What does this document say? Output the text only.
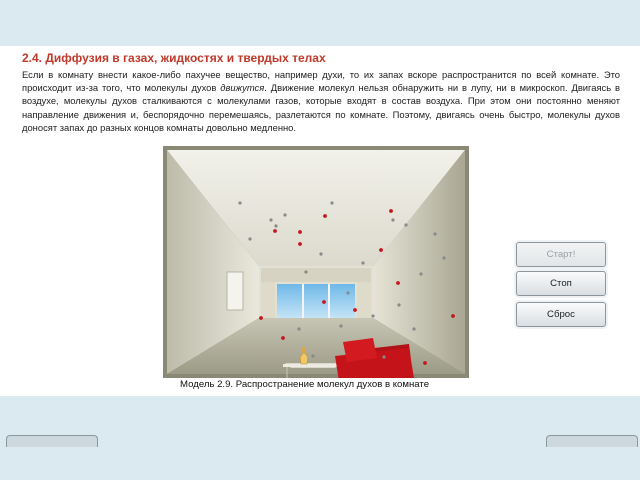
2.4. Диффузия в газах, жидкостях и твердых телах

Если в комнату внести какое-либо пахучее вещество, например духи, то их запах вскоре распространится по всей комнате. Это происходит из-за того, что молекулы духов движутся. Движение молекул нельзя обнаружить ни в лупу, ни в микроскоп. Двигаясь в воздухе, молекулы духов сталкиваются с молекулами газов, которые входят в состав воздуха. При этом они постоянно меняют направление движения и, беспорядочно перемешаясь, разлетаются по комнате. Поэтому, двигаясь очень быстро, молекулы духов доносят запах до разных концов комнаты довольно медленно.

Модель 2.9. Распространение молекул духов в комнате
Старт!
Стоп
Сброс
